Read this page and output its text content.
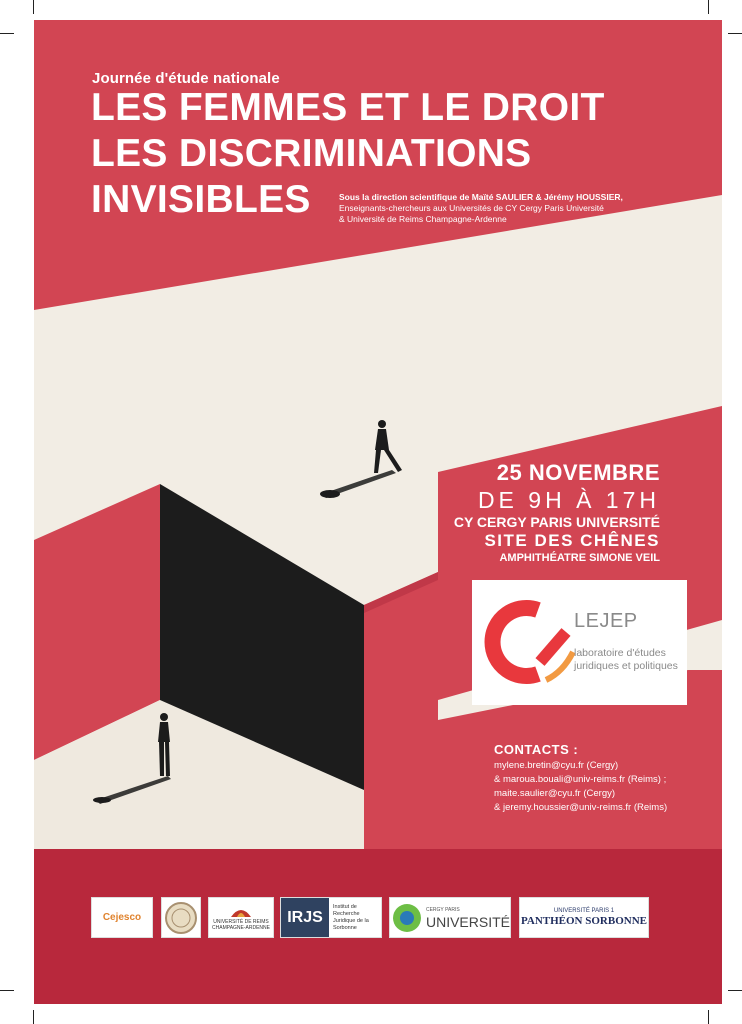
Journée d'étude nationale
LES FEMMES ET LE DROIT
LES DISCRIMINATIONS
INVISIBLES	Sous la direction scientifique de Maïté SAULIER & Jérémy HOUSSIER,
Enseignants-chercheurs aux Universités de CY Cergy Paris Université
& Université de Reims Champagne-Ardenne
25 NOVEMBRE
DE 9H À 17H
CY CERGY PARIS UNIVERSITÉ
SITE DES CHÊNES
AMPHITHÉATRE SIMONE VEIL
CY LEJEP
laboratoire d'études juridiques et politiques
CONTACTS :
mylene.bretin@cyu.fr (Cergy)
& maroua.bouali@univ-reims.fr (Reims) ;
maite.saulier@cyu.fr (Cergy)
& jeremy.houssier@univ-reims.fr (Reims)
Cejesco	UNIVERSITÉ DE REIMS CHAMPAGNE-ARDENNE
IRJS
Institut de Recherche Juridique de la Sorbonne
CERGY PARIS
UNIVERSITÉ
UNIVERSITÉ PARIS 1
PANTHÉON SORBONNE
